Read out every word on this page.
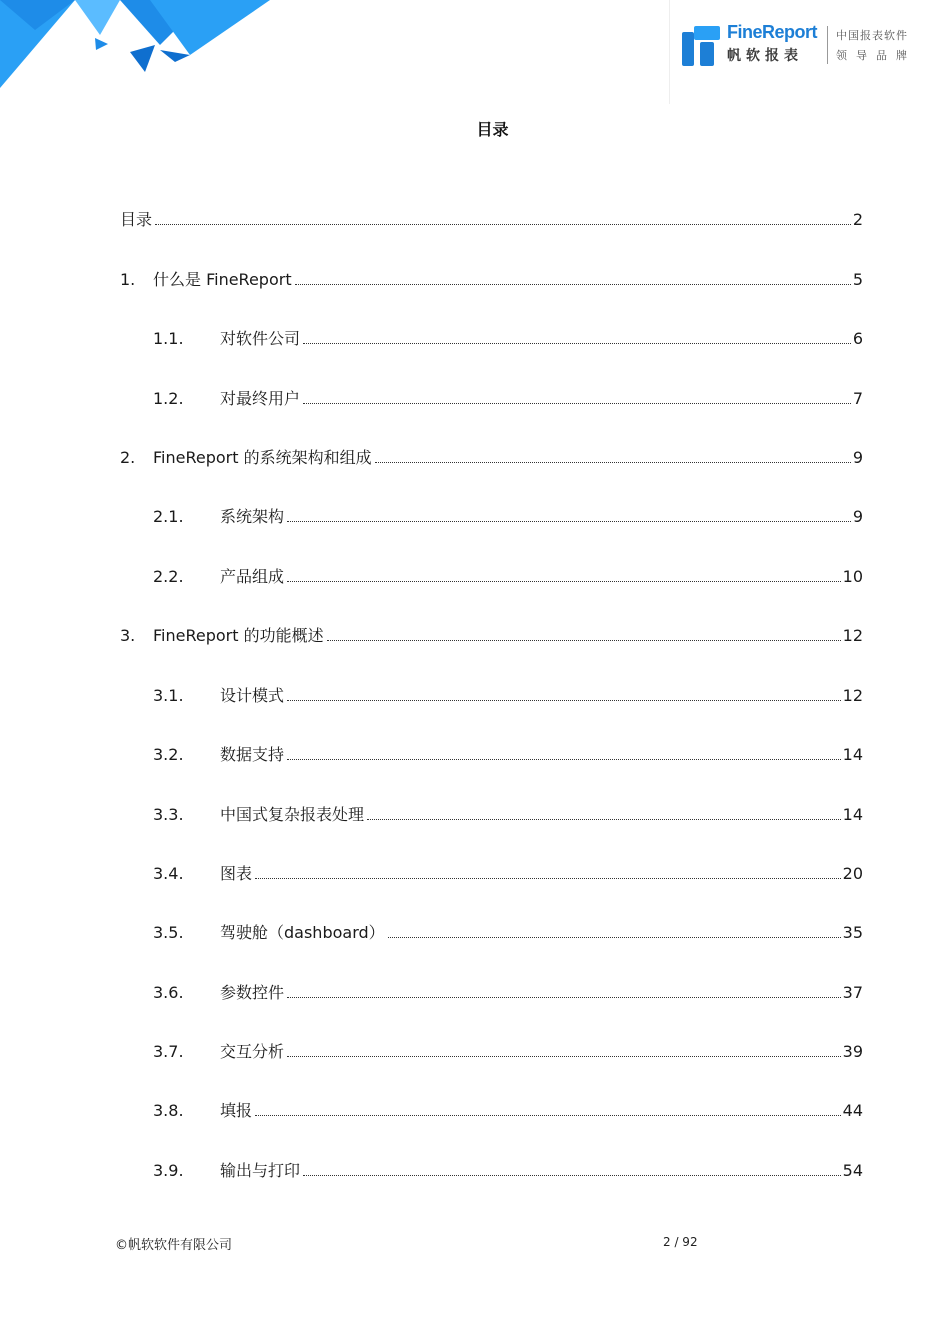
FineReport
帆软报表
中国报表软件
领导品牌
目录
目录	2
1.	什么是 FineReport	5
1.1.	对软件公司	6
1.2.	对最终用户	7
2.	FineReport 的系统架构和组成	9
2.1.	系统架构	9
2.2.	产品组成	10
3.	FineReport 的功能概述	12
3.1.	设计模式	12
3.2.	数据支持	14
3.3.	中国式复杂报表处理	14
3.4.	图表	20
3.5.	驾驶舱（dashboard）	35
3.6.	参数控件	37
3.7.	交互分析	39
3.8.	填报	44
3.9.	输出与打印	54
©帆软软件有限公司	2 / 92
